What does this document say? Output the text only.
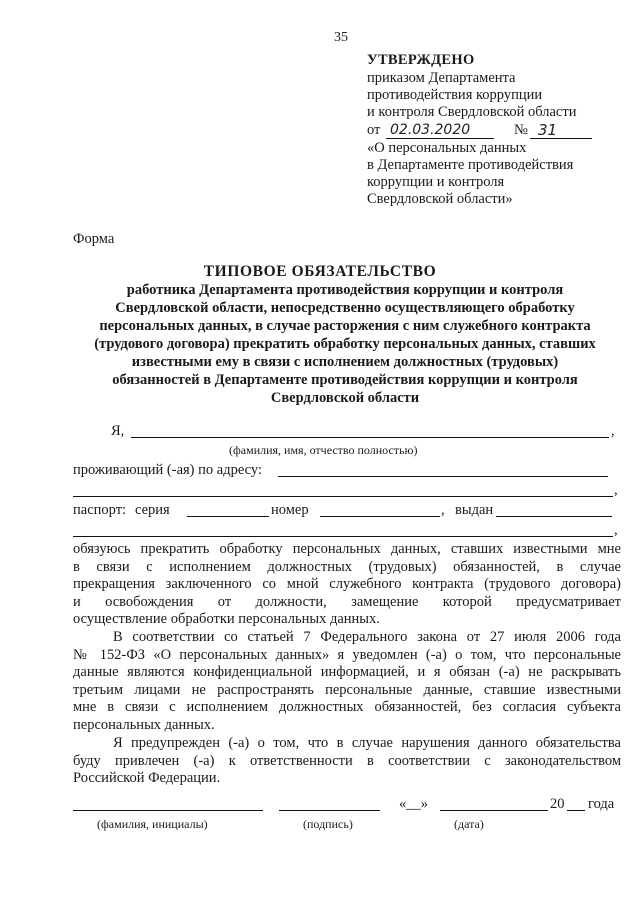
35
УТВЕРЖДЕНО
приказом Департамента
противодействия коррупции
и контроля Свердловской области
от 02.03.2020	№ 31
«О персональных данных
в Департаменте противодействия
коррупции и контроля
Свердловской области»
Форма
ТИПОВОЕ ОБЯЗАТЕЛЬСТВО
работника Департамента противодействия коррупции и контроля
Свердловской области, непосредственно осуществляющего обработку
персональных данных, в случае расторжения с ним служебного контракта
(трудового договора) прекратить обработку персональных данных, ставших
известными ему в связи с исполнением должностных (трудовых)
обязанностей в Департаменте противодействия коррупции и контроля
Свердловской области
Я,	,
(фамилия, имя, отчество полностью)
проживающий (-ая) по адресу:
,
паспорт: серия	номер	, выдан
,
обязуюсь прекратить обработку персональных данных, ставших известными мне
в связи с исполнением должностных (трудовых) обязанностей, в случае
прекращения заключенного со мной служебного контракта (трудового договора)
и освобождения от должности, замещение которой предусматривает
осуществление обработки персональных данных.
В соответствии со статьей 7 Федерального закона от 27 июля 2006 года
№ 152-ФЗ «О персональных данных» я уведомлен (-а) о том, что персональные
данные являются конфиденциальной информацией, и я обязан (-а) не раскрывать
третьим лицами не распространять персональные данные, ставшие известными
мне в связи с исполнением должностных обязанностей, без согласия субъекта
персональных данных.
Я предупрежден (-а) о том, что в случае нарушения данного обязательства
буду привлечен (-а) к ответственности в соответствии с законодательством
Российской Федерации.
«__»	20 года
(фамилия, инициалы)	(подпись)	(дата)
